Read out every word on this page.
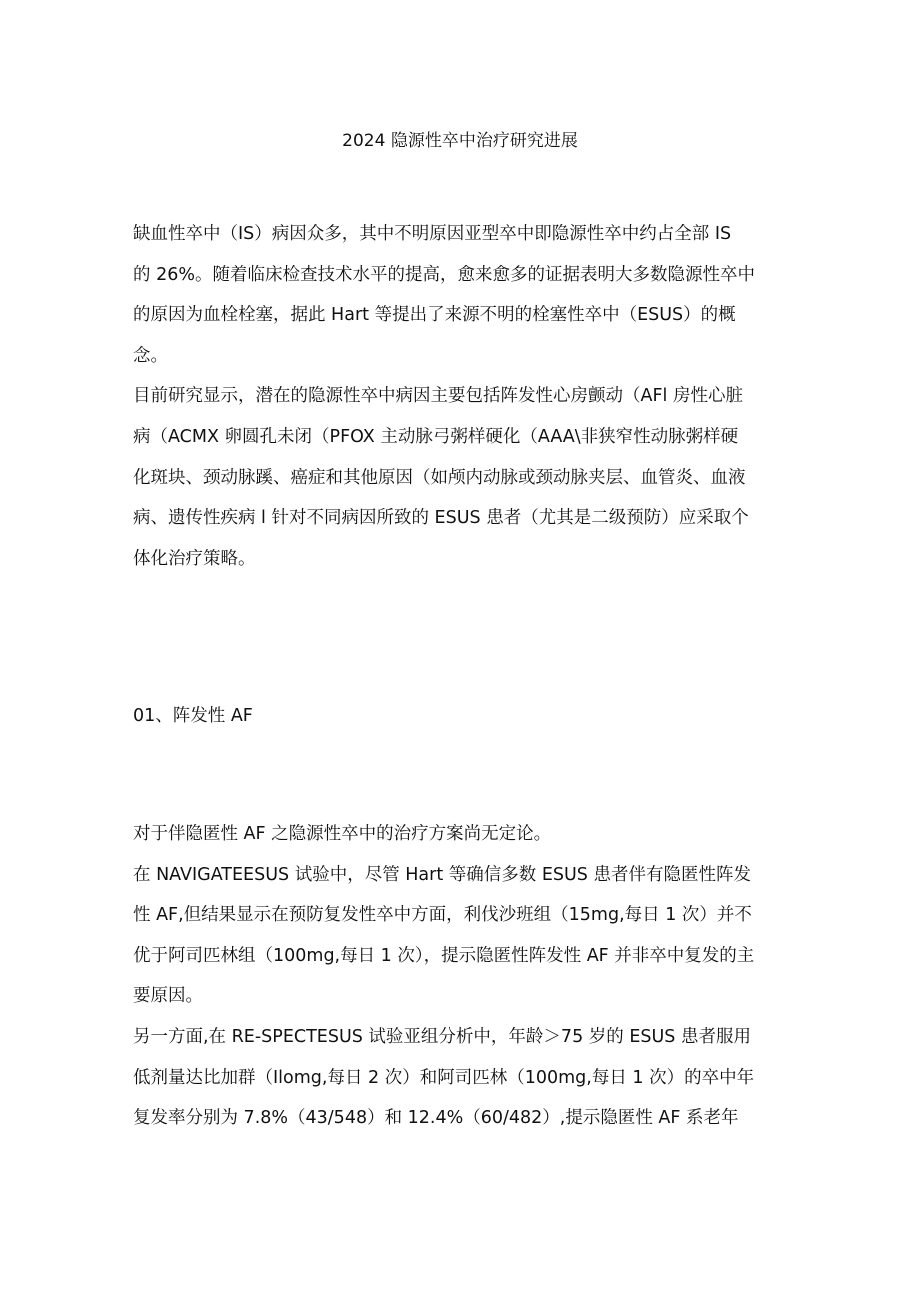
2024 隐源性卒中治疗研究进展
缺血性卒中（IS）病因众多，其中不明原因亚型卒中即隐源性卒中约占全部 IS
的 26%。随着临床检查技术水平的提高，愈来愈多的证据表明大多数隐源性卒中
的原因为血栓栓塞，据此 Hart 等提出了来源不明的栓塞性卒中（ESUS）的概
念。
目前研究显示，潜在的隐源性卒中病因主要包括阵发性心房颤动（AFl 房性心脏
病（ACMX 卵圆孔未闭（PFOX 主动脉弓粥样硬化（AAA\非狭窄性动脉粥样硬
化斑块、颈动脉蹊、癌症和其他原因（如颅内动脉或颈动脉夹层、血管炎、血液
病、遗传性疾病 l 针对不同病因所致的 ESUS 患者（尤其是二级预防）应采取个
体化治疗策略。
01、阵发性 AF
对于伴隐匿性 AF 之隐源性卒中的治疗方案尚无定论。
在 NAVIGATEESUS 试验中，尽管 Hart 等确信多数 ESUS 患者伴有隐匿性阵发
性 AF,但结果显示在预防复发性卒中方面，利伐沙班组（15mg,每日 1 次）并不
优于阿司匹林组（100mg,每日 1 次），提示隐匿性阵发性 AF 并非卒中复发的主
要原因。
另一方面,在 RE-SPECTESUS 试验亚组分析中，年龄＞75 岁的 ESUS 患者服用
低剂量达比加群（Ilomg,每日 2 次）和阿司匹林（100mg,每日 1 次）的卒中年
复发率分别为 7.8%（43/548）和 12.4%（60/482）,提示隐匿性 AF 系老年
